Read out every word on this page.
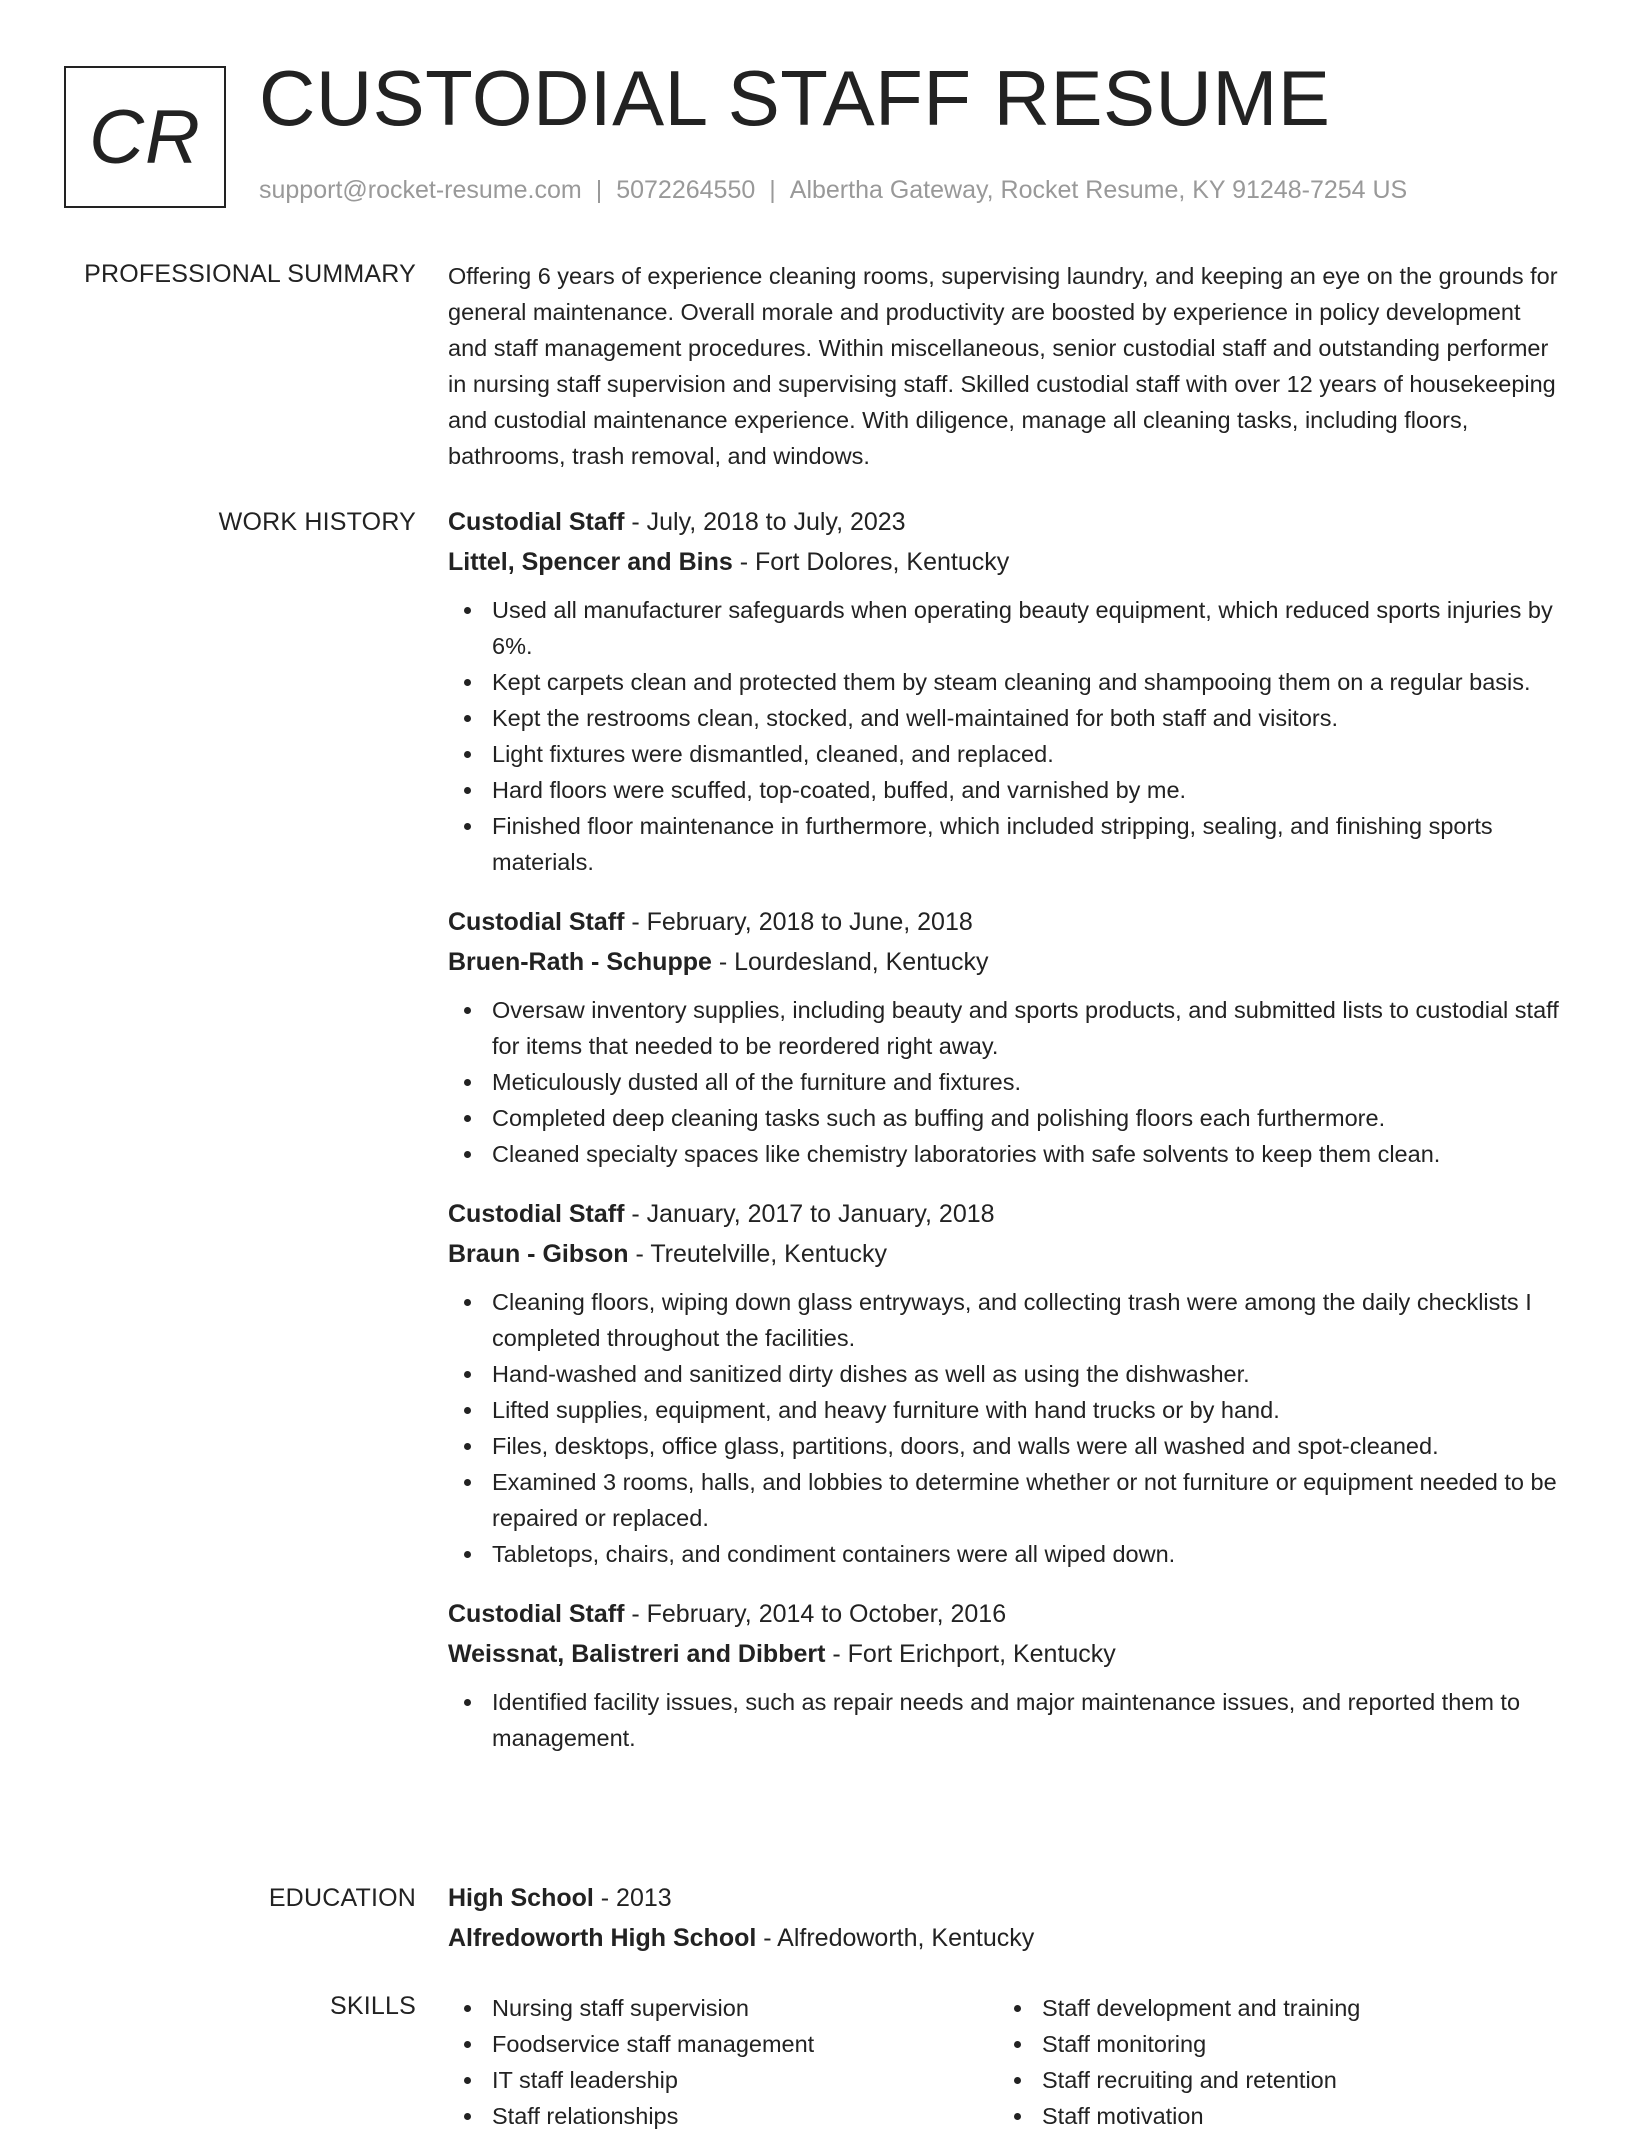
CR CUSTODIAL STAFF RESUME
support@rocket-resume.com | 5072264550 | Albertha Gateway, Rocket Resume, KY 91248-7254 US
PROFESSIONAL SUMMARY Offering 6 years of experience cleaning rooms, supervising laundry, and keeping an eye on the grounds for general maintenance. Overall morale and productivity are boosted by experience in policy development and staff management procedures. Within miscellaneous, senior custodial staff and outstanding performer in nursing staff supervision and supervising staff. Skilled custodial staff with over 12 years of housekeeping and custodial maintenance experience. With diligence, manage all cleaning tasks, including floors, bathrooms, trash removal, and windows.

WORK HISTORY Custodial Staff - July, 2018 to July, 2023
Littel, Spencer and Bins - Fort Dolores, Kentucky
Used all manufacturer safeguards when operating beauty equipment, which reduced sports injuries by 6%.
Kept carpets clean and protected them by steam cleaning and shampooing them on a regular basis.
Kept the restrooms clean, stocked, and well-maintained for both staff and visitors.
Light fixtures were dismantled, cleaned, and replaced.
Hard floors were scuffed, top-coated, buffed, and varnished by me.
Finished floor maintenance in furthermore, which included stripping, sealing, and finishing sports materials.
Custodial Staff - February, 2018 to June, 2018
Bruen-Rath - Schuppe - Lourdesland, Kentucky
Oversaw inventory supplies, including beauty and sports products, and submitted lists to custodial staff for items that needed to be reordered right away.
Meticulously dusted all of the furniture and fixtures.
Completed deep cleaning tasks such as buffing and polishing floors each furthermore.
Cleaned specialty spaces like chemistry laboratories with safe solvents to keep them clean.
Custodial Staff - January, 2017 to January, 2018
Braun - Gibson - Treutelville, Kentucky
Cleaning floors, wiping down glass entryways, and collecting trash were among the daily checklists I completed throughout the facilities.
Hand-washed and sanitized dirty dishes as well as using the dishwasher.
Lifted supplies, equipment, and heavy furniture with hand trucks or by hand.
Files, desktops, office glass, partitions, doors, and walls were all washed and spot-cleaned.
Examined 3 rooms, halls, and lobbies to determine whether or not furniture or equipment needed to be repaired or replaced.
Tabletops, chairs, and condiment containers were all wiped down.
Custodial Staff - February, 2014 to October, 2016
Weissnat, Balistreri and Dibbert - Fort Erichport, Kentucky
Identified facility issues, such as repair needs and major maintenance issues, and reported them to management.
EDUCATION High School - 2013
Alfredoworth High School - Alfredoworth, Kentucky
SKILLS	Nursing staff supervision
Foodservice staff management
IT staff leadership
Staff relationships
Staff development and training
Staff monitoring
Staff recruiting and retention
Staff motivation
